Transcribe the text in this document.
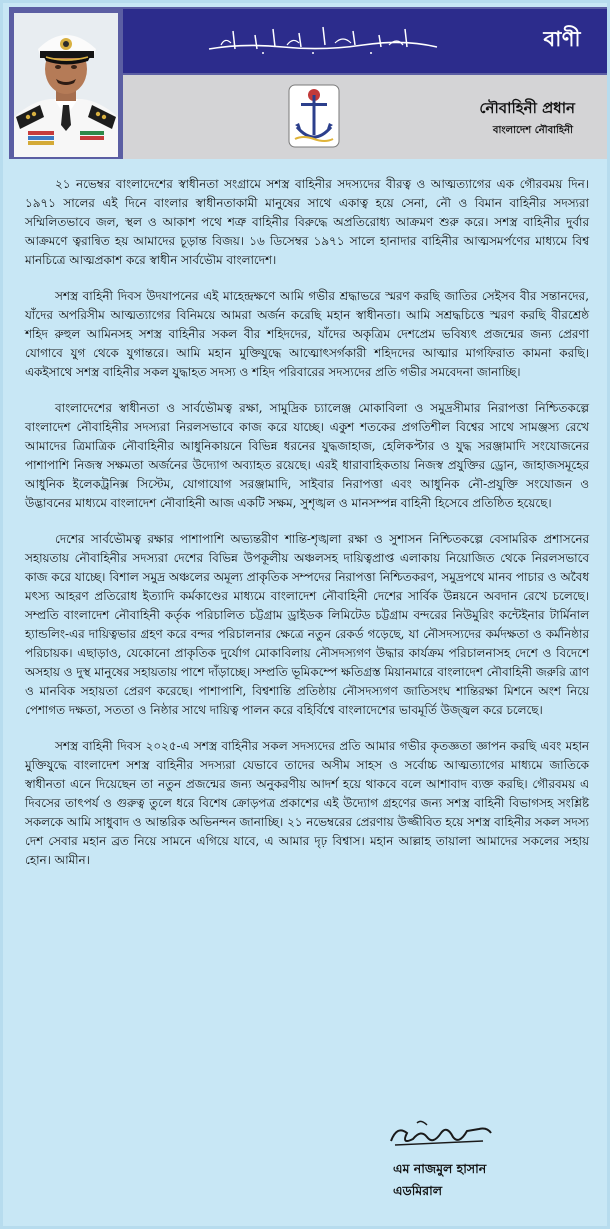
বাণী
নৌবাহিনী প্রধান
বাংলাদেশ নৌবাহিনী

২১ নভেম্বর বাংলাদেশের স্বাধীনতা সংগ্রামে সশস্ত্র বাহিনীর সদস্যদের বীরত্ব ও আত্মত্যাগের এক গৌরবময় দিন। ১৯৭১ সালের এই দিনে বাংলার স্বাধীনতাকামী মানুষের সাথে একাত্ব হয়ে সেনা, নৌ ও বিমান বাহিনীর সদস্যরা সম্মিলিতভাবে জল, স্থল ও আকাশ পথে শত্রু বাহিনীর বিরুদ্ধে অপ্রতিরোধ্য আক্রমণ শুরু করে। সশস্ত্র বাহিনীর দুর্বার আক্রমণে ত্বরান্বিত হয় আমাদের চূড়ান্ত বিজয়। ১৬ ডিসেম্বর ১৯৭১ সালে হানাদার বাহিনীর আত্মসমর্পণের মাধ্যমে বিশ্ব মানচিত্রে আত্মপ্রকাশ করে স্বাধীন সার্বভৌম বাংলাদেশ।

সশস্ত্র বাহিনী দিবস উদযাপনের এই মাহেন্দ্রক্ষণে আমি গভীর শ্রদ্ধাভরে স্মরণ করছি জাতির সেইসব বীর সন্তানদের, যাঁদের অপরিসীম আত্মত্যাগের বিনিময়ে আমরা অর্জন করেছি মহান স্বাধীনতা। আমি সশ্রদ্ধচিত্তে স্মরণ করছি বীরশ্রেষ্ঠ শহিদ রুহুল আমিনসহ সশস্ত্র বাহিনীর সকল বীর শহিদদের, যাঁদের অকৃত্রিম দেশপ্রেম ভবিষ্যৎ প্রজন্মের জন্য প্রেরণা যোগাবে যুগ থেকে যুগান্তরে। আমি মহান মুক্তিযুদ্ধে আত্মোৎসর্গকারী শহিদদের আত্মার মাগফিরাত কামনা করছি। একইসাথে সশস্ত্র বাহিনীর সকল যুদ্ধাহত সদস্য ও শহিদ পরিবারের সদস্যদের প্রতি গভীর সমবেদনা জানাচ্ছি।

বাংলাদেশের স্বাধীনতা ও সার্বভৌমত্ব রক্ষা, সামুদ্রিক চ্যালেঞ্জ মোকাবিলা ও সমুদ্রসীমার নিরাপত্তা নিশ্চিতকল্পে বাংলাদেশ নৌবাহিনীর সদস্যরা নিরলসভাবে কাজ করে যাচ্ছে। একুশ শতকের প্রগতিশীল বিশ্বের সাথে সামঞ্জস্য রেখে আমাদের ত্রিমাত্রিক নৌবাহিনীর আধুনিকায়নে বিভিন্ন ধরনের যুদ্ধজাহাজ, হেলিকপ্টার ও যুদ্ধ সরঞ্জামাদি সংযোজনের পাশাপাশি নিজস্ব সক্ষমতা অর্জনের উদ্যোগ অব্যাহত রয়েছে। এরই ধারাবাহিকতায় নিজস্ব প্রযুক্তির ড্রোন, জাহাজসমূহের আধুনিক ইলেকট্রনিক্স সিস্টেম, যোগাযোগ সরঞ্জামাদি, সাইবার নিরাপত্তা এবং আধুনিক নৌ-প্রযুক্তি সংযোজন ও উদ্ভাবনের মাধ্যমে বাংলাদেশ নৌবাহিনী আজ একটি সক্ষম, সুশৃঙ্খল ও মানসম্পন্ন বাহিনী হিসেবে প্রতিষ্ঠিত হয়েছে।

দেশের সার্বভৌমত্ব রক্ষার পাশাপাশি অভ্যন্তরীণ শান্তি-শৃঙ্খলা রক্ষা ও সুশাসন নিশ্চিতকল্পে বেসামরিক প্রশাসনের সহায়তায় নৌবাহিনীর সদস্যরা দেশের বিভিন্ন উপকূলীয় অঞ্চলসহ দায়িত্বপ্রাপ্ত এলাকায় নিয়োজিত থেকে নিরলসভাবে কাজ করে যাচ্ছে। বিশাল সমুদ্র অঞ্চলের অমূল্য প্রাকৃতিক সম্পদের নিরাপত্তা নিশ্চিতকরণ, সমুদ্রপথে মানব পাচার ও অবৈধ মৎস্য আহরণ প্রতিরোধ ইত্যাদি কর্মকাণ্ডের মাধ্যমে বাংলাদেশ নৌবাহিনী দেশের সার্বিক উন্নয়নে অবদান রেখে চলেছে। সম্প্রতি বাংলাদেশ নৌবাহিনী কর্তৃক পরিচালিত চট্টগ্রাম ড্রাইডক লিমিটেড চট্টগ্রাম বন্দরের নিউমুরিং কন্টেইনার টার্মিনাল হ্যান্ডলিং-এর দায়িত্বভার গ্রহণ করে বন্দর পরিচালনার ক্ষেত্রে নতুন রেকর্ড গড়েছে, যা নৌসদস্যদের কর্মদক্ষতা ও কর্মনিষ্ঠার পরিচায়ক। এছাড়াও, যেকোনো প্রাকৃতিক দুর্যোগ মোকাবিলায় নৌসদস্যগণ উদ্ধার কার্যক্রম পরিচালনাসহ দেশে ও বিদেশে অসহায় ও দুস্থ মানুষের সহায়তায় পাশে দাঁড়াচ্ছে। সম্প্রতি ভূমিকম্পে ক্ষতিগ্রস্ত মিয়ানমারে বাংলাদেশ নৌবাহিনী জরুরি ত্রাণ ও মানবিক সহায়তা প্রেরণ করেছে। পাশাপাশি, বিশ্বশান্তি প্রতিষ্ঠায় নৌসদস্যগণ জাতিসংঘ শান্তিরক্ষা মিশনে অংশ নিয়ে পেশাগত দক্ষতা, সততা ও নিষ্ঠার সাথে দায়িত্ব পালন করে বহির্বিশ্বে বাংলাদেশের ভাবমূর্তি উজ্জ্বল করে চলেছে।

সশস্ত্র বাহিনী দিবস ২০২৫-এ সশস্ত্র বাহিনীর সকল সদস্যদের প্রতি আমার গভীর কৃতজ্ঞতা জ্ঞাপন করছি এবং মহান মুক্তিযুদ্ধে বাংলাদেশ সশস্ত্র বাহিনীর সদস্যরা যেভাবে তাদের অসীম সাহস ও সর্বোচ্চ আত্মত্যাগের মাধ্যমে জাতিকে স্বাধীনতা এনে দিয়েছেন তা নতুন প্রজন্মের জন্য অনুকরণীয় আদর্শ হয়ে থাকবে বলে আশাবাদ ব্যক্ত করছি। গৌরবময় এ দিবসের তাৎপর্য ও গুরুত্ব তুলে ধরে বিশেষ ক্রোড়পত্র প্রকাশের এই উদ্যোগ গ্রহণের জন্য সশস্ত্র বাহিনী বিভাগসহ সংশ্লিষ্ট সকলকে আমি সাধুবাদ ও আন্তরিক অভিনন্দন জানাচ্ছি। ২১ নভেম্বরের প্রেরণায় উজ্জীবিত হয়ে সশস্ত্র বাহিনীর সকল সদস্য দেশ সেবার মহান ব্রত নিয়ে সামনে এগিয়ে যাবে, এ আমার দৃঢ় বিশ্বাস। মহান আল্লাহ তায়ালা আমাদের সকলের সহায় হোন। আমীন।

এম নাজমুল হাসান
এডমিরাল
